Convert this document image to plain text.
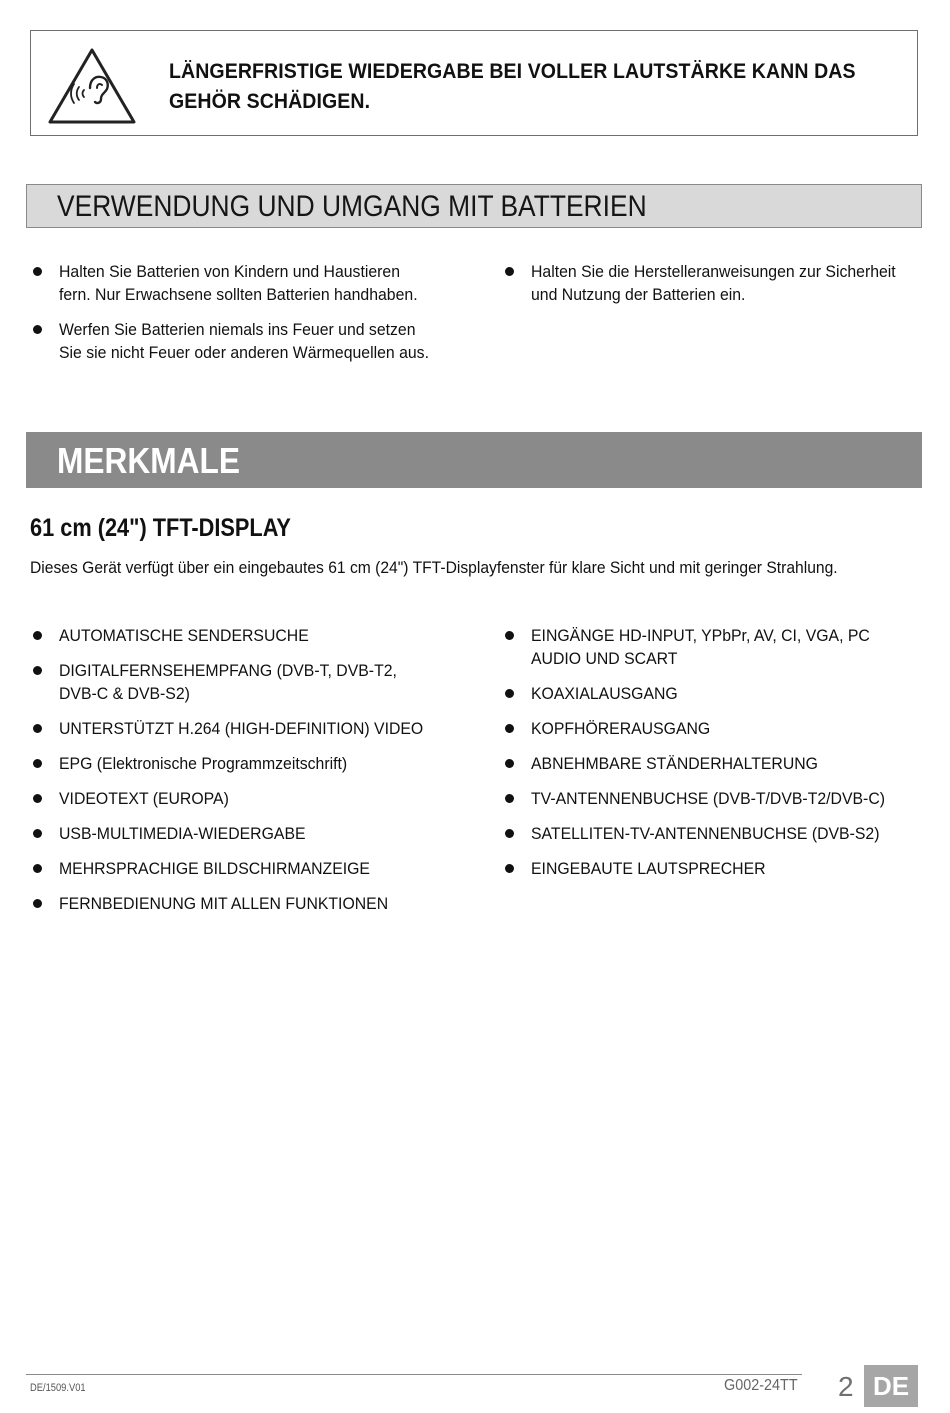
LÄNGERFRISTIGE WIEDERGABE BEI VOLLER LAUTSTÄRKE KANN DAS
GEHÖR SCHÄDIGEN.
VERWENDUNG UND UMGANG MIT BATTERIEN
Halten Sie Batterien von Kindern und Haustieren
fern. Nur Erwachsene sollten Batterien handhaben.
Werfen Sie Batterien niemals ins Feuer und setzen
Sie sie nicht Feuer oder anderen Wärmequellen aus.
Halten Sie die Herstelleranweisungen zur Sicherheit
und Nutzung der Batterien ein.
MERKMALE
61 cm (24") TFT-DISPLAY
Dieses Gerät verfügt über ein eingebautes 61 cm (24") TFT-Displayfenster für klare Sicht und mit geringer Strahlung.
AUTOMATISCHE SENDERSUCHE
DIGITALFERNSEHEMPFANG (DVB-T, DVB-T2,
DVB-C & DVB-S2)
UNTERSTÜTZT H.264 (HIGH-DEFINITION) VIDEO
EPG (Elektronische Programmzeitschrift)
VIDEOTEXT (EUROPA)
USB-MULTIMEDIA-WIEDERGABE
MEHRSPRACHIGE BILDSCHIRMANZEIGE
FERNBEDIENUNG MIT ALLEN FUNKTIONEN
EINGÄNGE HD-INPUT, YPbPr, AV, CI, VGA, PC
AUDIO UND SCART
KOAXIALAUSGANG
KOPFHÖRERAUSGANG
ABNEHMBARE STÄNDERHALTERUNG
TV-ANTENNENBUCHSE (DVB-T/DVB-T2/DVB-C)
SATELLITEN-TV-ANTENNENBUCHSE (DVB-S2)
EINGEBAUTE LAUTSPRECHER
DE/1509.V01	G002-24TT 2 DE
